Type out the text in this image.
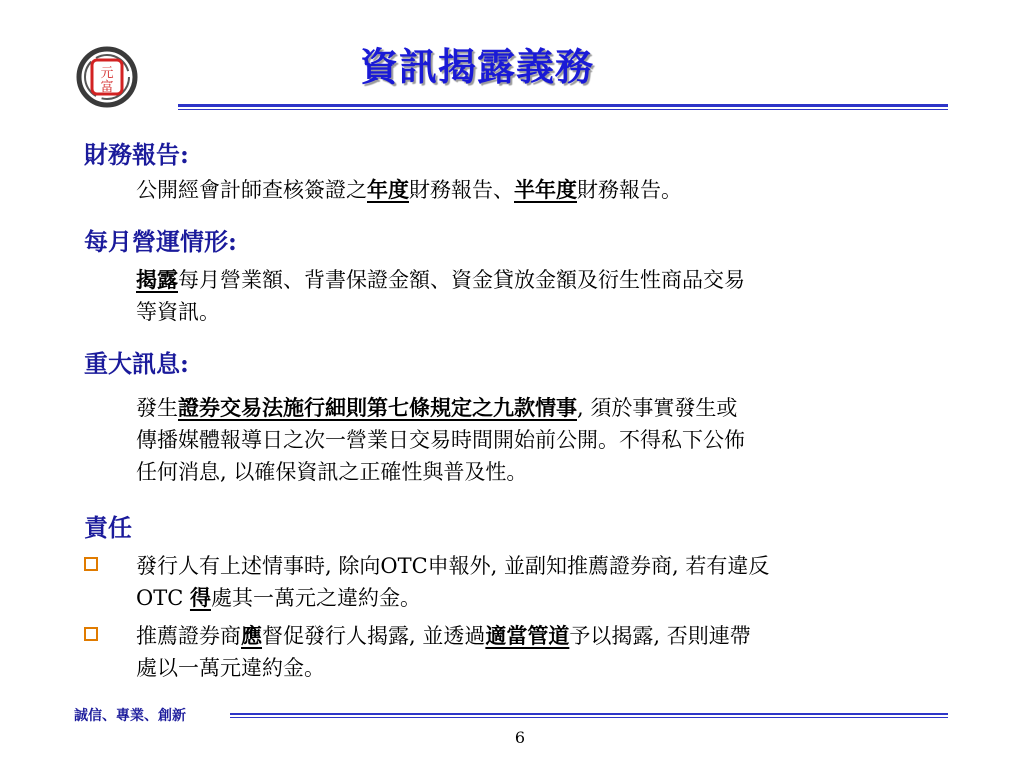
元
富	資訊揭露義務
財務報告:
公開經會計師查核簽證之年度財務報告、半年度財務報告。
每月營運情形:
揭露每月營業額、背書保證金額、資金貸放金額及衍生性商品交易
等資訊。
重大訊息:
發生證券交易法施行細則第七條規定之九款情事, 須於事實發生或
傳播媒體報導日之次一營業日交易時間開始前公開。不得私下公佈
任何消息, 以確保資訊之正確性與普及性。
責任
發行人有上述情事時, 除向OTC申報外, 並副知推薦證券商, 若有違反
OTC 得處其一萬元之違約金。
推薦證券商應督促發行人揭露, 並透過適當管道予以揭露, 否則連帶
處以一萬元違約金。
誠信、專業、創新
6
